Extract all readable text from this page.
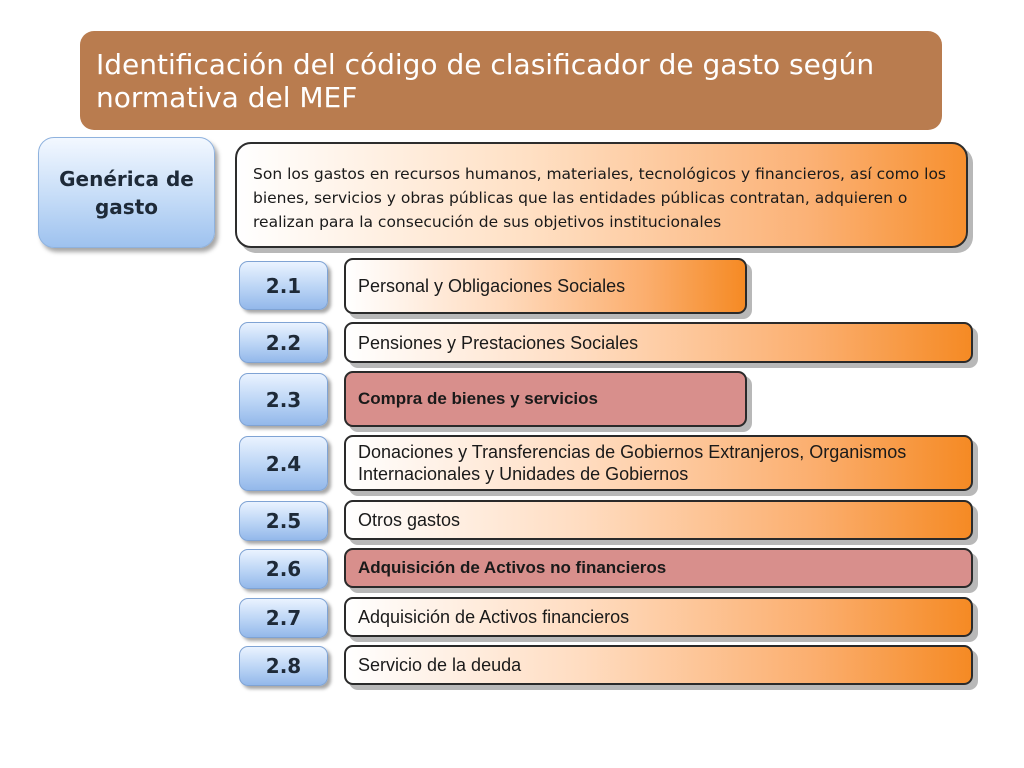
Identificación del código de clasificador de gasto según normativa del MEF
Genérica de gasto
Son los gastos en recursos humanos, materiales, tecnológicos y financieros, así como los bienes, servicios y obras públicas que las entidades públicas contratan, adquieren o realizan para la consecución de sus objetivos institucionales
2.1	Personal y Obligaciones Sociales
2.2	Pensiones y Prestaciones Sociales
2.3	Compra de bienes y servicios
2.4	Donaciones y Transferencias de Gobiernos Extranjeros, Organismos Internacionales y Unidades de Gobiernos
2.5	Otros gastos
2.6	Adquisición de Activos no financieros
2.7	Adquisición de Activos financieros
2.8	Servicio de la deuda
